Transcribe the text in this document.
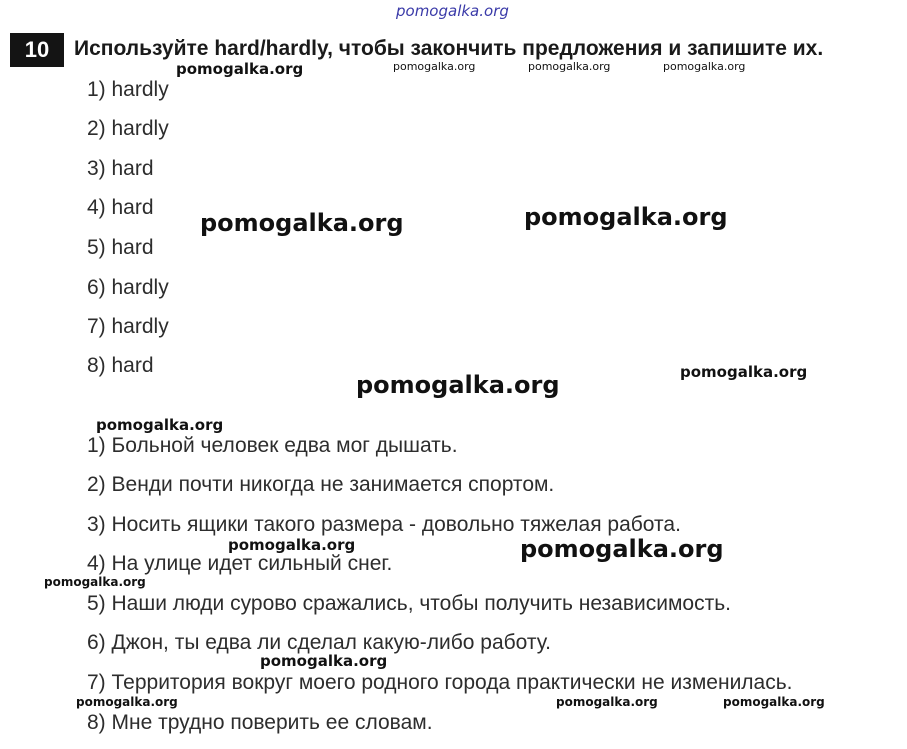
10	Используйте hard/hardly, чтобы закончить предложения и запишите их.
1) hardly
2) hardly
3) hard
4) hard
5) hard
6) hardly
7) hardly
8) hard
1) Больной человек едва мог дышать.
2) Венди почти никогда не занимается спортом.
3) Носить ящики такого размера - довольно тяжелая работа.
4) На улице идет сильный снег.
5) Наши люди сурово сражались, чтобы получить независимость.
6) Джон, ты едва ли сделал какую-либо работу.
7) Территория вокруг моего родного города практически не изменилась.
8) Мне трудно поверить ее словам.
pomogalka.org
pomogalka.org	pomogalka.org	pomogalka.org	pomogalka.org
pomogalka.org	pomogalka.org
pomogalka.org	pomogalka.org
pomogalka.org
pomogalka.org	pomogalka.org
pomogalka.org
pomogalka.org
pomogalka.org	pomogalka.org	pomogalka.org
